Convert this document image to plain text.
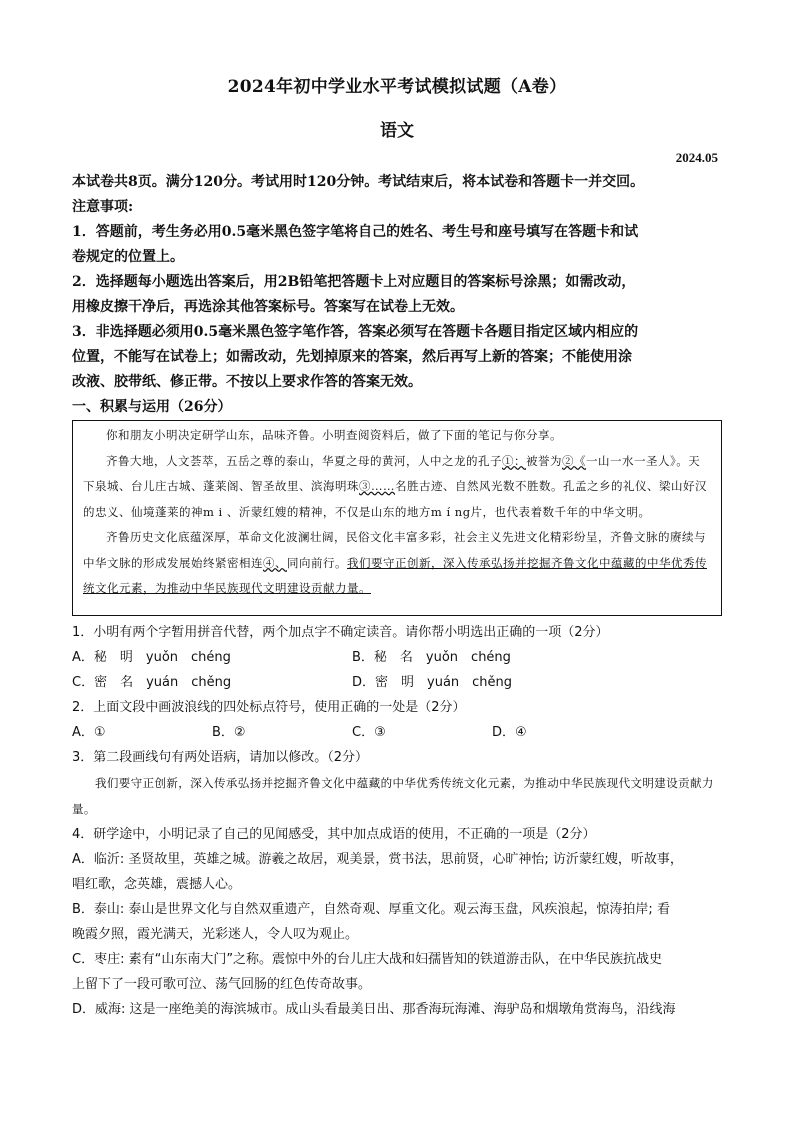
2024年初中学业水平考试模拟试题（A卷）
语文
2024.05

本试卷共8页。满分120分。考试用时120分钟。考试结束后，将本试卷和答题卡一并交回。

注意事项:

1．答题前，考生务必用0.5毫米黑色签字笔将自己的姓名、考生号和座号填写在答题卡和试

卷规定的位置上。

2．选择题每小题选出答案后，用2B铅笔把答题卡上对应题目的答案标号涂黑；如需改动，

用橡皮擦干净后，再选涂其他答案标号。答案写在试卷上无效。

3．非选择题必须用0.5毫米黑色签字笔作答，答案必须写在答题卡各题目指定区域内相应的

位置，不能写在试卷上；如需改动，先划掉原来的答案，然后再写上新的答案；不能使用涂

改液、胶带纸、修正带。不按以上要求作答的答案无效。

一、积累与运用（26分）

你和朋友小明决定研学山东，品味齐鲁。小明查阅资料后，做了下面的笔记与你分享。

齐鲁大地，人文荟萃，五岳之尊的泰山，华夏之母的黄河，人中之龙的孔子①：被誉为②《一山一水一圣人》。天下泉城、台儿庄古城、蓬莱阁、智圣故里、滨海明珠③……名胜古迹、自然风光数不胜数。孔孟之乡的礼仪、梁山好汉的忠义、仙境蓬莱的神m i 、沂蒙红嫂的精神，不仅是山东的地方m í ng片，也代表着数千年的中华文明。

齐鲁历史文化底蕴深厚，革命文化波澜壮阔，民俗文化丰富多彩，社会主义先进文化精彩纷呈，齐鲁文脉的赓续与中华文脉的形成发展始终紧密相连④、同向前行。我们要守正创新，深入传承弘扬并挖掘齐鲁文化中蕴藏的中华优秀传统文化元素，为推动中华民族现代文明建设贡献力量。

1．小明有两个字暂用拼音代替，两个加点字不确定读音。请你帮小明选出正确的一项（2分）

A．秘　明　yuǒn　chéng	B．秘　名　yuǒn　chéng

C．密　名　yuán　chěng	D．密　明　yuán　chěng

2．上面文段中画波浪线的四处标点符号，使用正确的一处是（2分）

A．①	B．②	C．③	D．④

3．第二段画线句有两处语病，请加以修改。（2分）

我们要守正创新，深入传承弘扬并挖掘齐鲁文化中蕴藏的中华优秀传统文化元素，为推动中华民族现代文明建设贡献力量。

4．研学途中，小明记录了自己的见闻感受，其中加点成语的使用，不正确的一项是（2分）

A．临沂: 圣贤故里，英雄之城。游羲之故居，观美景，赏书法，思前贤，心旷神怡; 访沂蒙红嫂，听故事，

唱红歌，念英雄，震撼人心。

B．泰山: 泰山是世界文化与自然双重遗产，自然奇观、厚重文化。观云海玉盘，风疾浪起，惊涛拍岸; 看

晚霞夕照，霞光满天，光彩迷人，令人叹为观止。

C．枣庄: 素有“山东南大门”之称。震惊中外的台儿庄大战和妇孺皆知的铁道游击队，在中华民族抗战史

上留下了一段可歌可泣、荡气回肠的红色传奇故事。

D．威海: 这是一座绝美的海滨城市。成山头看最美日出、那香海玩海滩、海驴岛和烟墩角赏海鸟，沿线海
